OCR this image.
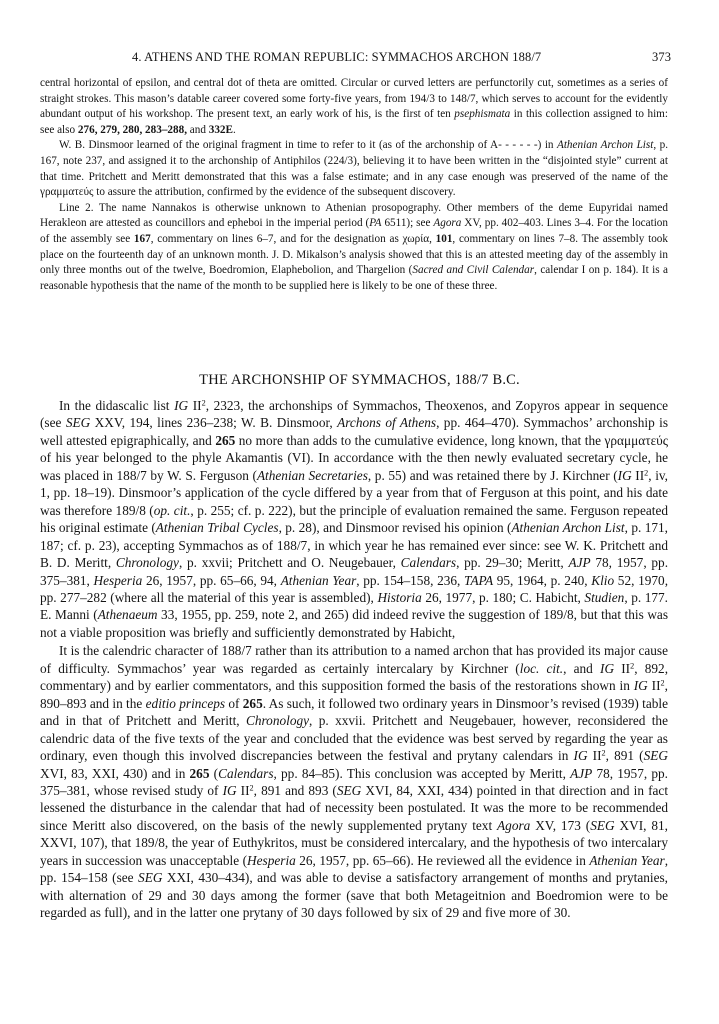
4. ATHENS AND THE ROMAN REPUBLIC: SYMMACHOS ARCHON 188/7	373

central horizontal of epsilon, and central dot of theta are omitted. Circular or curved letters are perfunctorily cut, sometimes as a series of straight strokes. This mason’s datable career covered some forty-five years, from 194/3 to 148/7, which serves to account for the evidently abundant output of his workshop. The present text, an early work of his, is the first of ten psephismata in this collection assigned to him: see also 276, 279, 280, 283–288, and 332E.

W. B. Dinsmoor learned of the original fragment in time to refer to it (as of the archonship of A- - - - - -) in Athenian Archon List, p. 167, note 237, and assigned it to the archonship of Antiphilos (224/3), believing it to have been written in the “disjointed style” current at that time. Pritchett and Meritt demonstrated that this was a false estimate; and in any case enough was preserved of the name of the γραμματεύς to assure the attribution, confirmed by the evidence of the subsequent discovery.

Line 2. The name Nannakos is otherwise unknown to Athenian prosopography. Other members of the deme Eupyridai named Herakleon are attested as councillors and epheboi in the imperial period (PA 6511); see Agora XV, pp. 402–403. Lines 3–4. For the location of the assembly see 167, commentary on lines 6–7, and for the designation as χωρία, 101, commentary on lines 7–8. The assembly took place on the fourteenth day of an unknown month. J. D. Mikalson’s analysis showed that this is an attested meeting day of the assembly in only three months out of the twelve, Boedromion, Elaphebolion, and Thargelion (Sacred and Civil Calendar, calendar I on p. 184). It is a reasonable hypothesis that the name of the month to be supplied here is likely to be one of these three.

THE ARCHONSHIP OF SYMMACHOS, 188/7 B.C.

In the didascalic list IG $II^2$, 2323, the archonships of Symmachos, Theoxenos, and Zopyros appear in sequence (see SEG XXV, 194, lines 236–238; W. B. Dinsmoor, Archons of Athens, pp. 464–470). Symmachos’ archonship is well attested epigraphically, and 265 no more than adds to the cumulative evidence, long known, that the γραμματεύς of his year belonged to the phyle Akamantis (VI). In accordance with the then newly evaluated secretary cycle, he was placed in 188/7 by W. S. Ferguson (Athenian Secretaries, p. 55) and was retained there by J. Kirchner (IG $II^2$, iv, 1, pp. 18–19). Dinsmoor’s application of the cycle differed by a year from that of Ferguson at this point, and his date was therefore 189/8 (op. cit., p. 255; cf. p. 222), but the principle of evaluation remained the same. Ferguson repeated his original estimate (Athenian Tribal Cycles, p. 28), and Dinsmoor revised his opinion (Athenian Archon List, p. 171, 187; cf. p. 23), accepting Symmachos as of 188/7, in which year he has remained ever since: see W. K. Pritchett and B. D. Meritt, Chronology, p. xxvii; Pritchett and O. Neugebauer, Calendars, pp. 29–30; Meritt, AJP 78, 1957, pp. 375–381, Hesperia 26, 1957, pp. 65–66, 94, Athenian Year, pp. 154–158, 236, TAPA 95, 1964, p. 240, Klio 52, 1970, pp. 277–282 (where all the material of this year is assembled), Historia 26, 1977, p. 180; C. Habicht, Studien, p. 177. E. Manni (Athenaeum 33, 1955, pp. 259, note 2, and 265) did indeed revive the suggestion of 189/8, but that this was not a viable proposition was briefly and sufficiently demonstrated by Habicht,

It is the calendric character of 188/7 rather than its attribution to a named archon that has provided its major cause of difficulty. Symmachos’ year was regarded as certainly intercalary by Kirchner (loc. cit., and IG $II^2$, 892, commentary) and by earlier commentators, and this supposition formed the basis of the restorations shown in IG $II^2$, 890–893 and in the editio princeps of 265. As such, it followed two ordinary years in Dinsmoor’s revised (1939) table and in that of Pritchett and Meritt, Chronology, p. xxvii. Pritchett and Neugebauer, however, reconsidered the calendric data of the five texts of the year and concluded that the evidence was best served by regarding the year as ordinary, even though this involved discrepancies between the festival and prytany calendars in IG $II^2$, 891 (SEG XVI, 83, XXI, 430) and in 265 (Calendars, pp. 84–85). This conclusion was accepted by Meritt, AJP 78, 1957, pp. 375–381, whose revised study of IG $II^2$, 891 and 893 (SEG XVI, 84, XXI, 434) pointed in that direction and in fact lessened the disturbance in the calendar that had of necessity been postulated. It was the more to be recommended since Meritt also discovered, on the basis of the newly supplemented prytany text Agora XV, 173 (SEG XVI, 81, XXVI, 107), that 189/8, the year of Euthykritos, must be considered intercalary, and the hypothesis of two intercalary years in succession was unacceptable (Hesperia 26, 1957, pp. 65–66). He reviewed all the evidence in Athenian Year, pp. 154–158 (see SEG XXI, 430–434), and was able to devise a satisfactory arrangement of months and prytanies, with alternation of 29 and 30 days among the former (save that both Metageitnion and Boedromion were to be regarded as full), and in the latter one prytany of 30 days followed by six of 29 and five more of 30.
